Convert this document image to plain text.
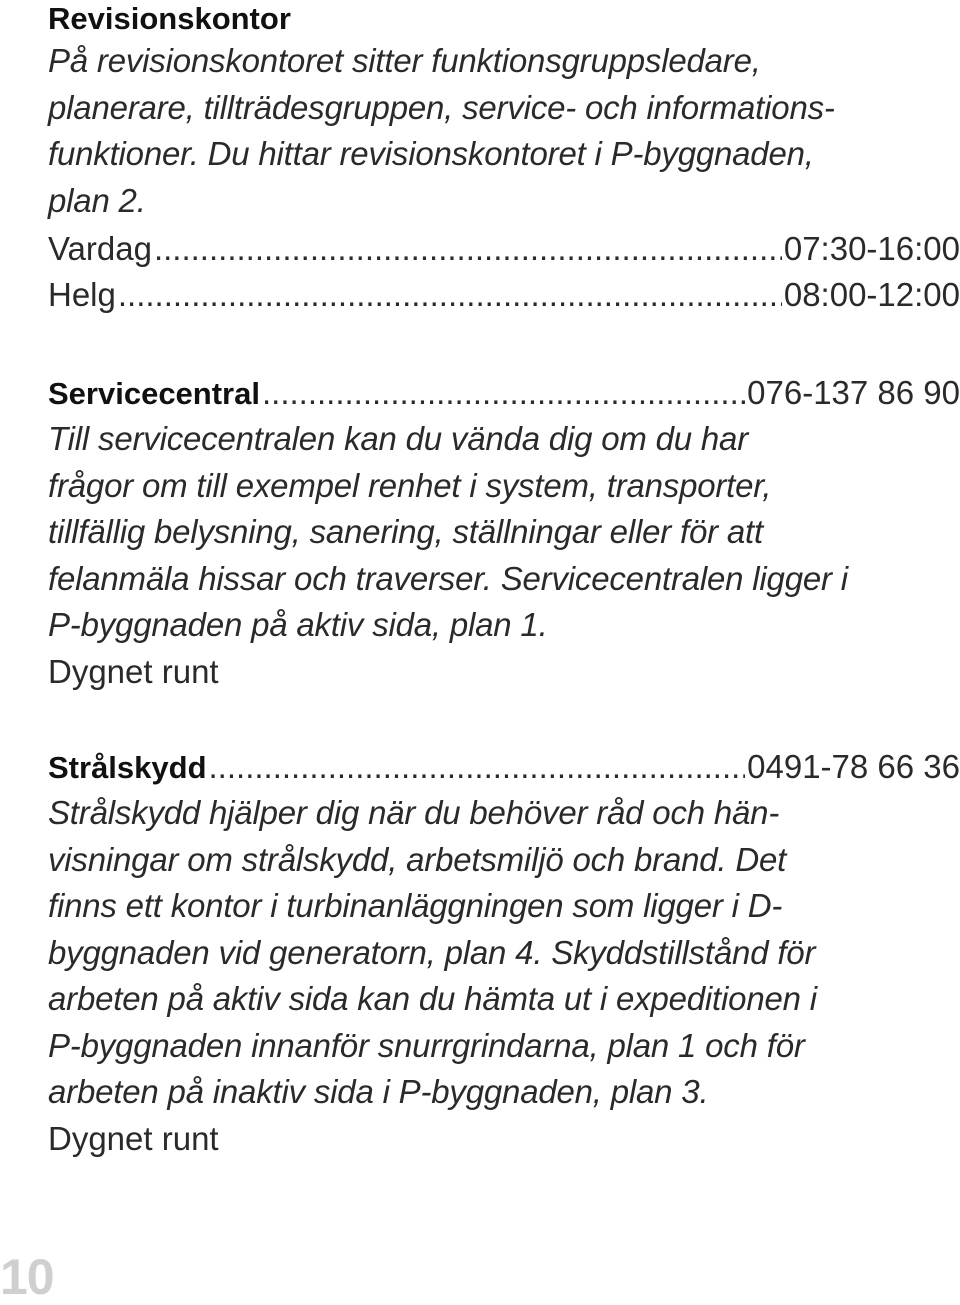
Revisionskontor
På revisionskontoret sitter funktionsgruppsledare,
planerare, tillträdesgruppen, service- och informations-
funktioner. Du hittar revisionskontoret i P-byggnaden,
plan 2.
Vardag .....	07:30-16:00
Helg .....	08:00-12:00
Servicecentral .....	076-137 86 90
Till servicecentralen kan du vända dig om du har
frågor om till exempel renhet i system, transporter,
tillfällig belysning, sanering, ställningar eller för att
felanmäla hissar och traverser. Servicecentralen ligger i
P-byggnaden på aktiv sida, plan 1.
Dygnet runt
Strålskydd .....	0491-78 66 36
Strålskydd hjälper dig när du behöver råd och hän-
visningar om strålskydd, arbetsmiljö och brand. Det
finns ett kontor i turbinanläggningen som ligger i D-
byggnaden vid generatorn, plan 4. Skyddstillstånd för
arbeten på aktiv sida kan du hämta ut i expeditionen i
P-byggnaden innanför snurrgrindarna, plan 1 och för
arbeten på inaktiv sida i P-byggnaden, plan 3.
Dygnet runt
10
